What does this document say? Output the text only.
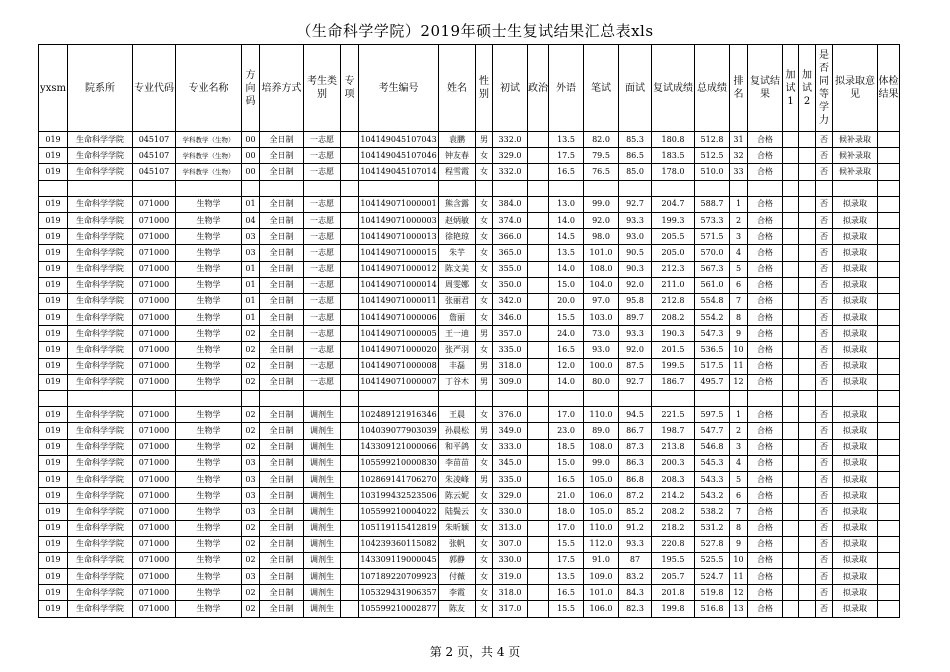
（生命科学学院）2019年硕士生复试结果汇总表xls
yxsm	院系所	专业代码	专业名称	方向码	培养方式	考生类别	专项	考生编号	姓名	性别	初试	政治	外语	笔试	面试	复试成绩	总成绩	排名	复试结果	加试1	加试2	是否同等学力	拟录取意见	体检结果
019	生命科学学院	045107	学科教学（生物）	00	全日制	一志愿		104149045107043	袁鹏	男	332.0		13.5	82.0	85.3	180.8	512.8	31	合格			否	候补录取	
019	生命科学学院	045107	学科教学（生物）	00	全日制	一志愿		104149045107046	钟友春	女	329.0		17.5	79.5	86.5	183.5	512.5	32	合格			否	候补录取	
019	生命科学学院	045107	学科教学（生物）	00	全日制	一志愿		104149045107014	程雪霞	女	332.0		16.5	76.5	85.0	178.0	510.0	33	合格			否	候补录取	

019	生命科学学院	071000	生物学	01	全日制	一志愿		104149071000001	熊含露	女	384.0		13.0	99.0	92.7	204.7	588.7	1	合格			否	拟录取	
019	生命科学学院	071000	生物学	04	全日制	一志愿		104149071000003	赵炳敏	女	374.0		14.0	92.0	93.3	199.3	573.3	2	合格			否	拟录取	
019	生命科学学院	071000	生物学	03	全日制	一志愿		104149071000013	徐艳琼	女	366.0		14.5	98.0	93.0	205.5	571.5	3	合格			否	拟录取	
019	生命科学学院	071000	生物学	03	全日制	一志愿		104149071000015	朱芋	女	365.0		13.5	101.0	90.5	205.0	570.0	4	合格			否	拟录取	
019	生命科学学院	071000	生物学	01	全日制	一志愿		104149071000012	陈文美	女	355.0		14.0	108.0	90.3	212.3	567.3	5	合格			否	拟录取	
019	生命科学学院	071000	生物学	01	全日制	一志愿		104149071000014	周雯娜	女	350.0		15.0	104.0	92.0	211.0	561.0	6	合格			否	拟录取	
019	生命科学学院	071000	生物学	01	全日制	一志愿		104149071000011	张丽君	女	342.0		20.0	97.0	95.8	212.8	554.8	7	合格			否	拟录取	
019	生命科学学院	071000	生物学	01	全日制	一志愿		104149071000006	詹丽	女	346.0		15.5	103.0	89.7	208.2	554.2	8	合格			否	拟录取	
019	生命科学学院	071000	生物学	02	全日制	一志愿		104149071000005	王一迪	男	357.0		24.0	73.0	93.3	190.3	547.3	9	合格			否	拟录取	
019	生命科学学院	071000	生物学	02	全日制	一志愿		104149071000020	张严羽	女	335.0		16.5	93.0	92.0	201.5	536.5	10	合格			否	拟录取	
019	生命科学学院	071000	生物学	02	全日制	一志愿		104149071000008	丰磊	男	318.0		12.0	100.0	87.5	199.5	517.5	11	合格			否	拟录取	
019	生命科学学院	071000	生物学	02	全日制	一志愿		104149071000007	丁谷木	男	309.0		14.0	80.0	92.7	186.7	495.7	12	合格			否	拟录取	

019	生命科学学院	071000	生物学	02	全日制	调剂生		102489121916346	王晨	女	376.0		17.0	110.0	94.5	221.5	597.5	1	合格			否	拟录取	
019	生命科学学院	071000	生物学	02	全日制	调剂生		104039077903039	孙晨松	男	349.0		23.0	89.0	86.7	198.7	547.7	2	合格			否	拟录取	
019	生命科学学院	071000	生物学	02	全日制	调剂生		143309121000066	和平鸽	女	333.0		18.5	108.0	87.3	213.8	546.8	3	合格			否	拟录取	
019	生命科学学院	071000	生物学	03	全日制	调剂生		105599210000830	李苗苗	女	345.0		15.0	99.0	86.3	200.3	545.3	4	合格			否	拟录取	
019	生命科学学院	071000	生物学	03	全日制	调剂生		102869141706270	朱凌峰	男	335.0		16.5	105.0	86.8	208.3	543.3	5	合格			否	拟录取	
019	生命科学学院	071000	生物学	03	全日制	调剂生		103199432523506	陈云妮	女	329.0		21.0	106.0	87.2	214.2	543.2	6	合格			否	拟录取	
019	生命科学学院	071000	生物学	03	全日制	调剂生		105599210004022	陆鬓云	女	330.0		18.0	105.0	85.2	208.2	538.2	7	合格			否	拟录取	
019	生命科学学院	071000	生物学	02	全日制	调剂生		105119115412819	朱昕颖	女	313.0		17.0	110.0	91.2	218.2	531.2	8	合格			否	拟录取	
019	生命科学学院	071000	生物学	02	全日制	调剂生		104239360115082	张帆	女	307.0		15.5	112.0	93.3	220.8	527.8	9	合格			否	拟录取	
019	生命科学学院	071000	生物学	02	全日制	调剂生		143309119000045	郭静	女	330.0		17.5	91.0	87	195.5	525.5	10	合格			否	拟录取	
019	生命科学学院	071000	生物学	03	全日制	调剂生		107189220709923	付薇	女	319.0		13.5	109.0	83.2	205.7	524.7	11	合格			否	拟录取	
019	生命科学学院	071000	生物学	02	全日制	调剂生		105329431906357	李霞	女	318.0		16.5	101.0	84.3	201.8	519.8	12	合格			否	拟录取	
019	生命科学学院	071000	生物学	02	全日制	调剂生		105599210002877	陈友	女	317.0		15.5	106.0	82.3	199.8	516.8	13	合格			否	拟录取	
第 2 页，共 4 页
